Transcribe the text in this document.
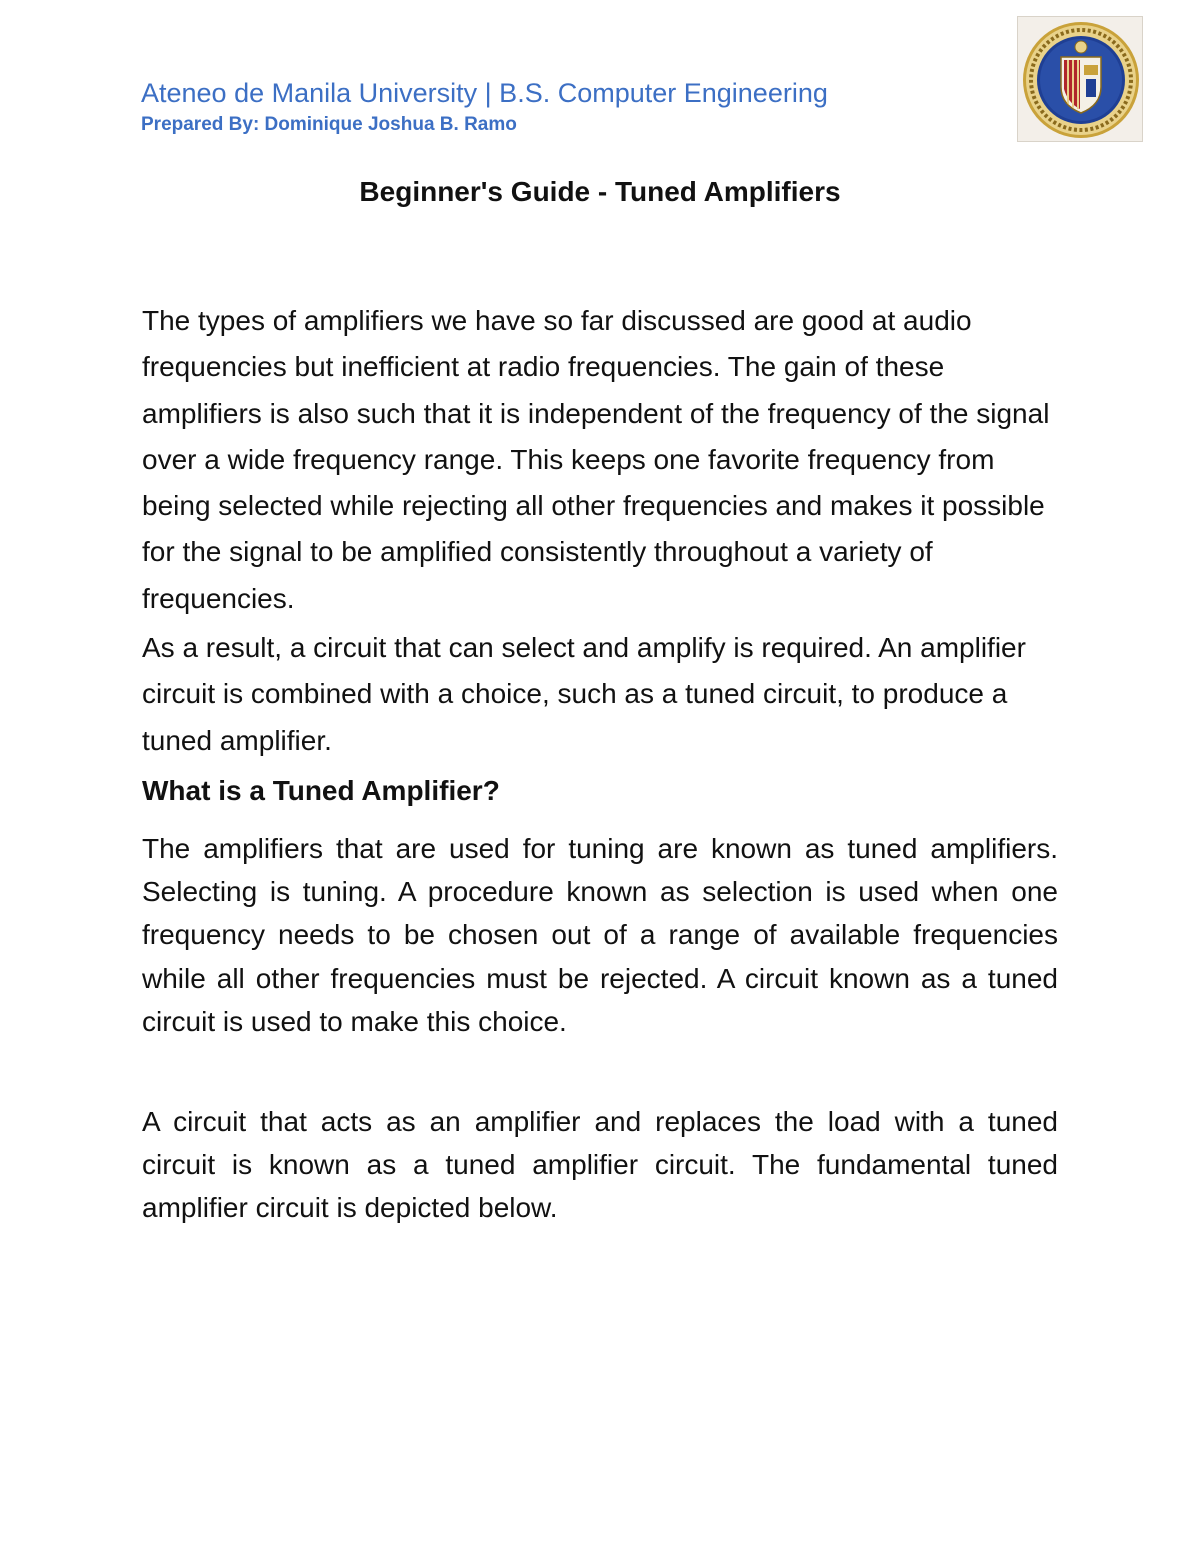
Ateneo de Manila University | B.S. Computer Engineering
Prepared By: Dominique Joshua B. Ramo
Beginner's Guide - Tuned Amplifiers

The types of amplifiers we have so far discussed are good at audio frequencies but inefficient at radio frequencies. The gain of these amplifiers is also such that it is independent of the frequency of the signal over a wide frequency range. This keeps one favorite frequency from being selected while rejecting all other frequencies and makes it possible for the signal to be amplified consistently throughout a variety of frequencies.

As a result, a circuit that can select and amplify is required. An amplifier circuit is combined with a choice, such as a tuned circuit, to produce a tuned amplifier.

What is a Tuned Amplifier?

The amplifiers that are used for tuning are known as tuned amplifiers. Selecting is tuning. A procedure known as selection is used when one frequency needs to be chosen out of a range of available frequencies while all other frequencies must be rejected. A circuit known as a tuned circuit is used to make this choice.

A circuit that acts as an amplifier and replaces the load with a tuned circuit is known as a tuned amplifier circuit. The fundamental tuned amplifier circuit is depicted below.
